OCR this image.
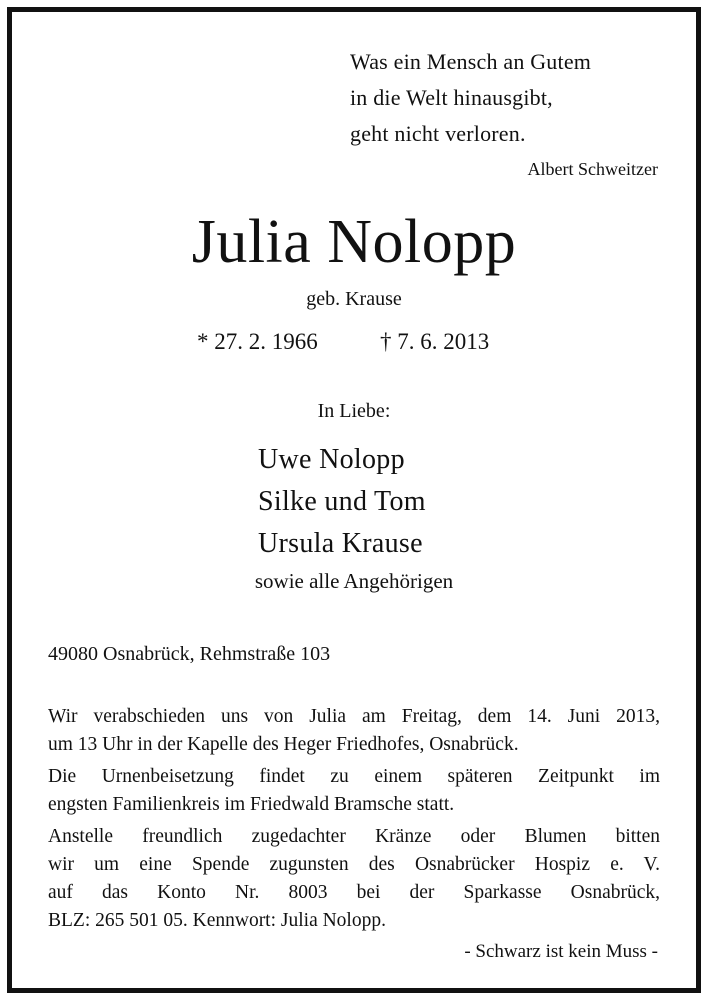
Was ein Mensch an Gutem
in die Welt hinausgibt,
geht nicht verloren.
Albert Schweitzer
Julia Nolopp
geb. Krause
* 27. 2. 1966	† 7. 6. 2013
In Liebe:
Uwe Nolopp
Silke und Tom
Ursula Krause
sowie alle Angehörigen
49080 Osnabrück, Rehmstraße 103
Wir verabschieden uns von Julia am Freitag, dem 14. Juni 2013,
um 13 Uhr in der Kapelle des Heger Friedhofes, Osnabrück.
Die Urnenbeisetzung findet zu einem späteren Zeitpunkt im
engsten Familienkreis im Friedwald Bramsche statt.
Anstelle freundlich zugedachter Kränze oder Blumen bitten
wir um eine Spende zugunsten des Osnabrücker Hospiz e. V.
auf das Konto Nr. 8003 bei der Sparkasse Osnabrück,
BLZ: 265 501 05. Kennwort: Julia Nolopp.
- Schwarz ist kein Muss -
